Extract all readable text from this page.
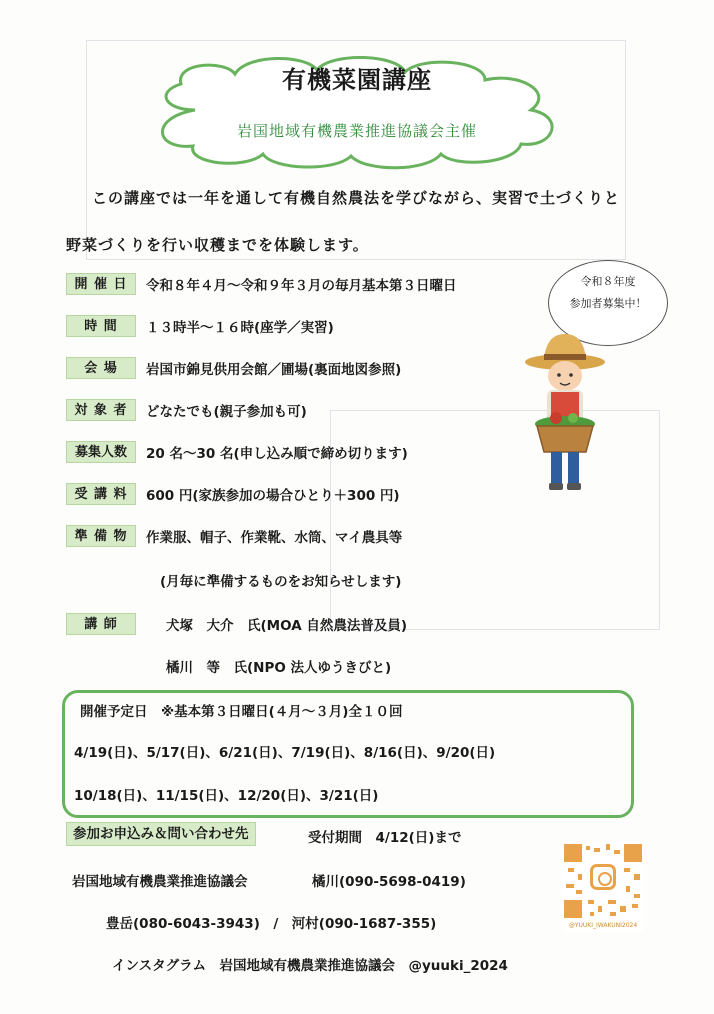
有機菜園講座
岩国地域有機農業推進協議会主催
この講座では一年を通して有機自然農法を学びながら、実習で土づくりと
野菜づくりを行い収穫までを体験します。
開 催 日	令和８年４月～令和９年３月の毎月基本第３日曜日
時 間	１３時半～１６時(座学／実習)
会 場	岩国市錦見供用会館／圃場(裏面地図参照)
対 象 者	どなたでも(親子参加も可)
募集人数	20 名～30 名(申し込み順で締め切ります)
受 講 料	600 円(家族参加の場合ひとり＋300 円)
準 備 物	作業服、帽子、作業靴、水筒、マイ農具等
(月毎に準備するものをお知らせします)
講 師	犬塚　大介　氏(MOA 自然農法普及員)
橘川　等　氏(NPO 法人ゆうきびと)
令和８年度
参加者募集中！
開催予定日　※基本第３日曜日(４月～３月)全１０回
4/19(日)、5/17(日)、6/21(日)、7/19(日)、8/16(日)、9/20(日)
10/18(日)、11/15(日)、12/20(日)、3/21(日)
参加お申込み＆問い合わせ先	受付期間　4/12(日)まで
岩国地域有機農業推進協議会	橘川(090-5698-0419)
豊岳(080-6043-3943)　/　河村(090-1687-355)	@YUUKI_IWAKUNI2024
インスタグラム　岩国地域有機農業推進協議会　@yuuki_2024
